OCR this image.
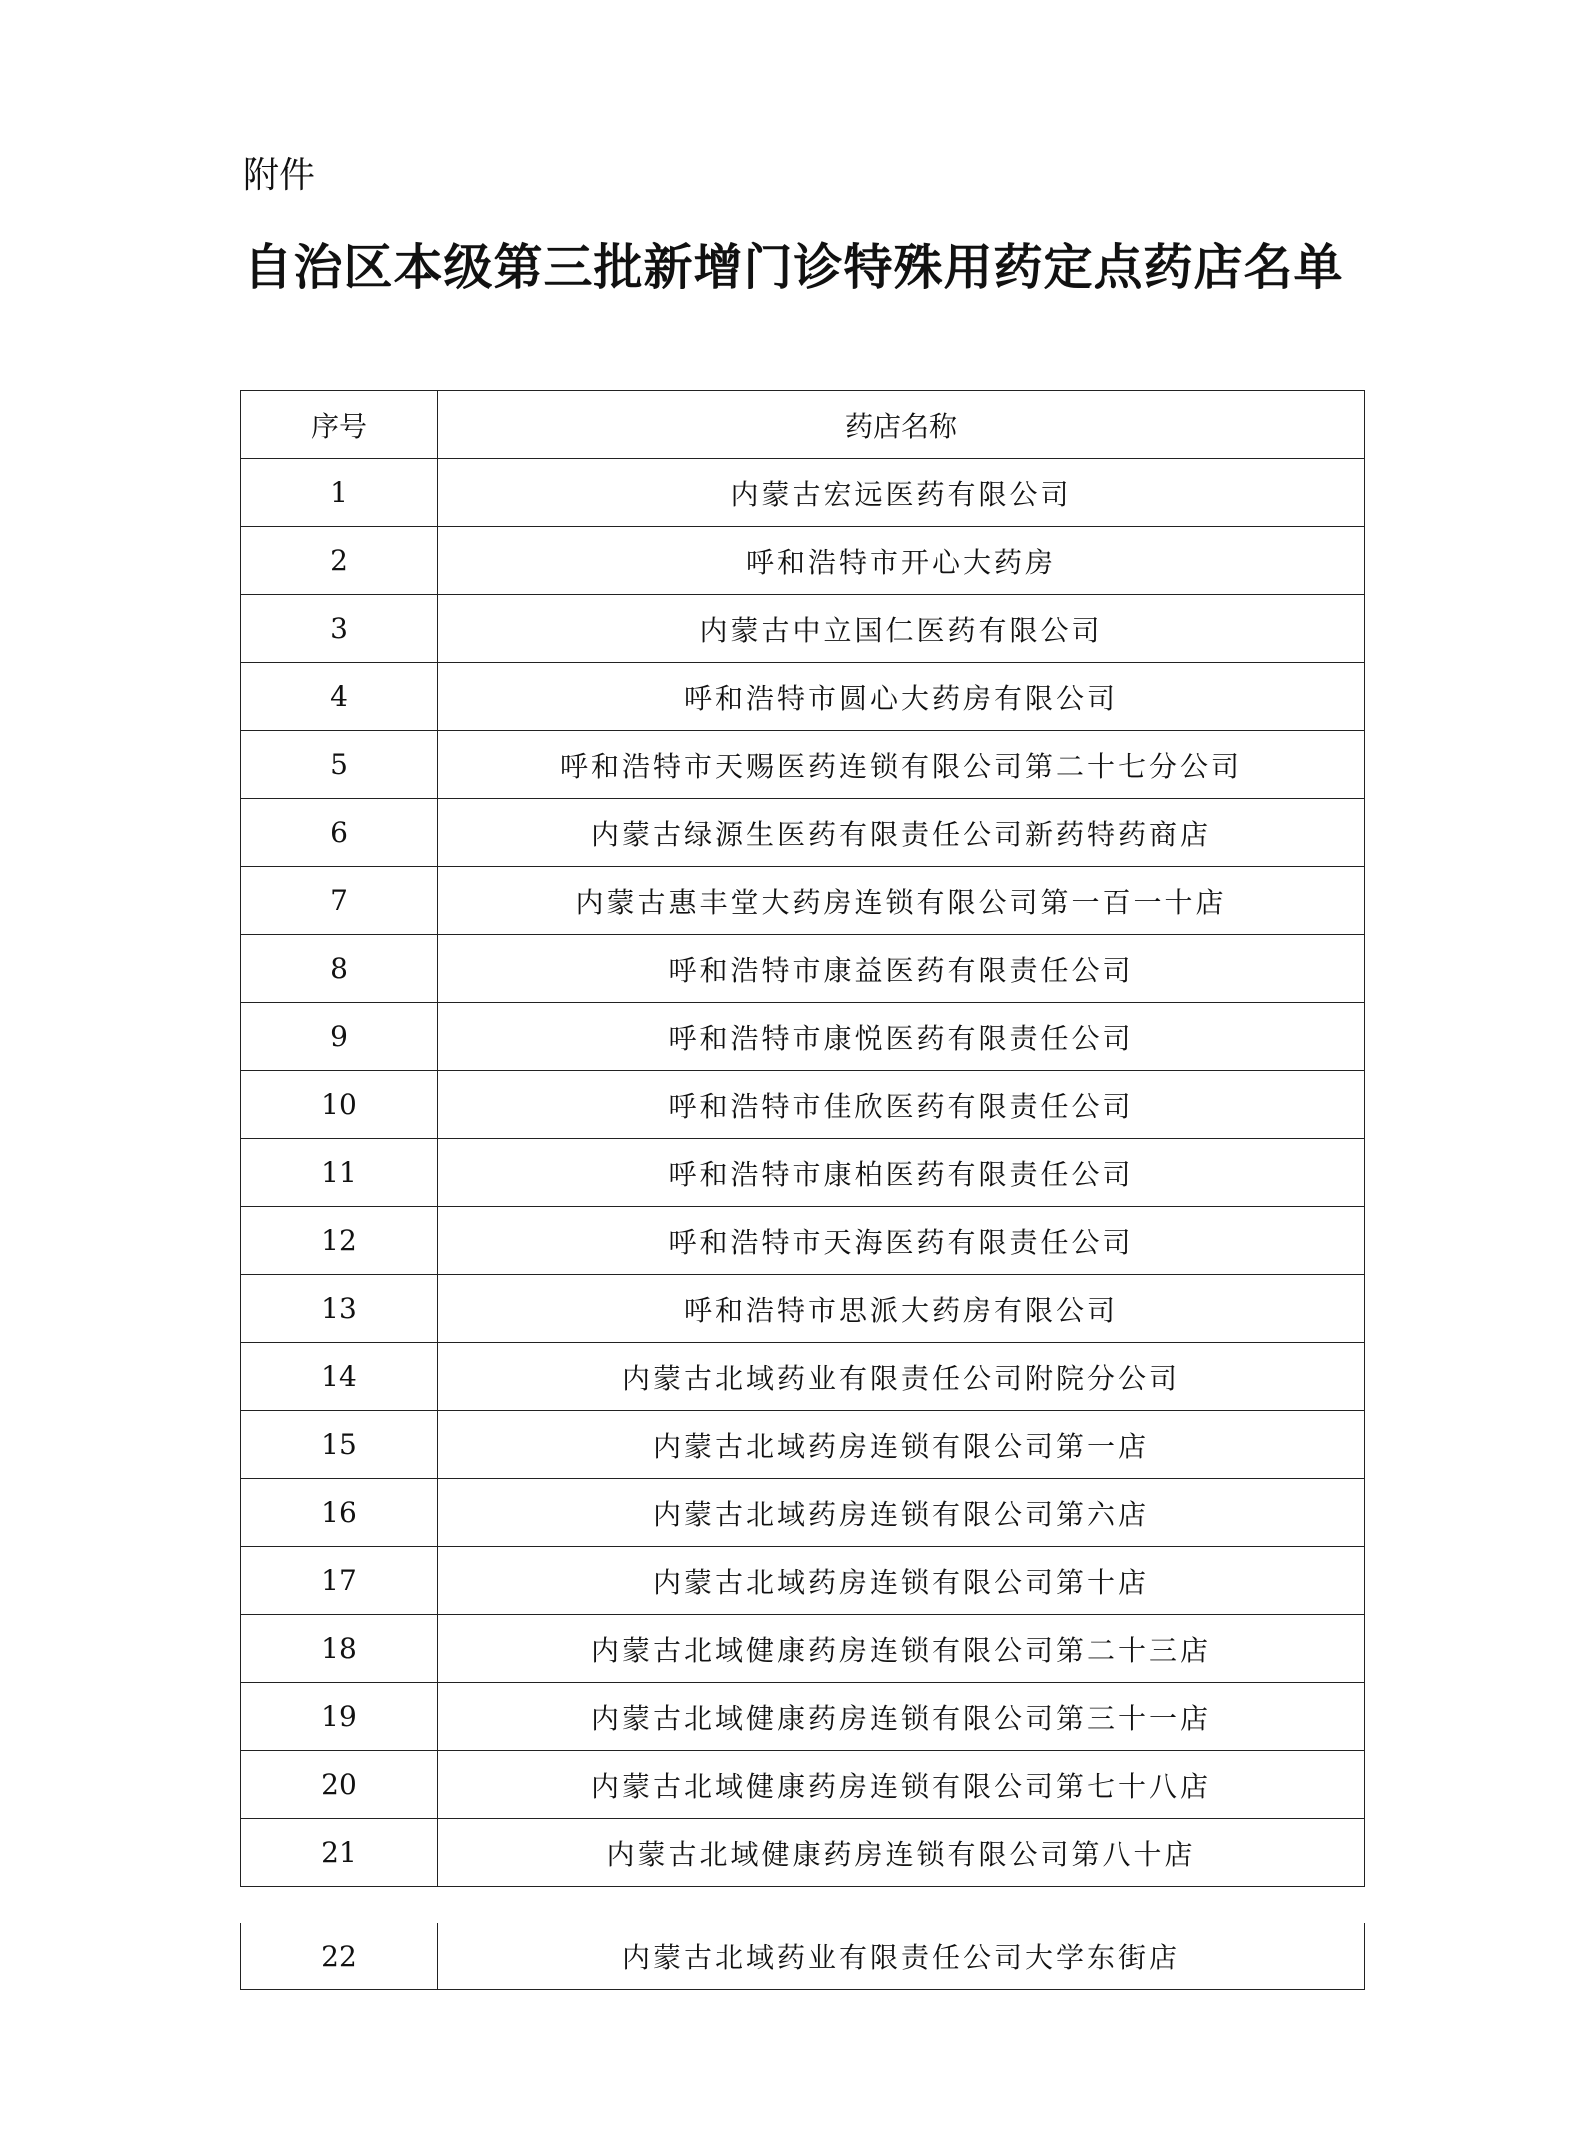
附件
自治区本级第三批新增门诊特殊用药定点药店名单
序号	药店名称
1	内蒙古宏远医药有限公司
2	呼和浩特市开心大药房
3	内蒙古中立国仁医药有限公司
4	呼和浩特市圆心大药房有限公司
5	呼和浩特市天赐医药连锁有限公司第二十七分公司
6	内蒙古绿源生医药有限责任公司新药特药商店
7	内蒙古惠丰堂大药房连锁有限公司第一百一十店
8	呼和浩特市康益医药有限责任公司
9	呼和浩特市康悦医药有限责任公司
10	呼和浩特市佳欣医药有限责任公司
11	呼和浩特市康柏医药有限责任公司
12	呼和浩特市天海医药有限责任公司
13	呼和浩特市思派大药房有限公司
14	内蒙古北域药业有限责任公司附院分公司
15	内蒙古北域药房连锁有限公司第一店
16	内蒙古北域药房连锁有限公司第六店
17	内蒙古北域药房连锁有限公司第十店
18	内蒙古北域健康药房连锁有限公司第二十三店
19	内蒙古北域健康药房连锁有限公司第三十一店
20	内蒙古北域健康药房连锁有限公司第七十八店
21	内蒙古北域健康药房连锁有限公司第八十店
22	内蒙古北域药业有限责任公司大学东街店
